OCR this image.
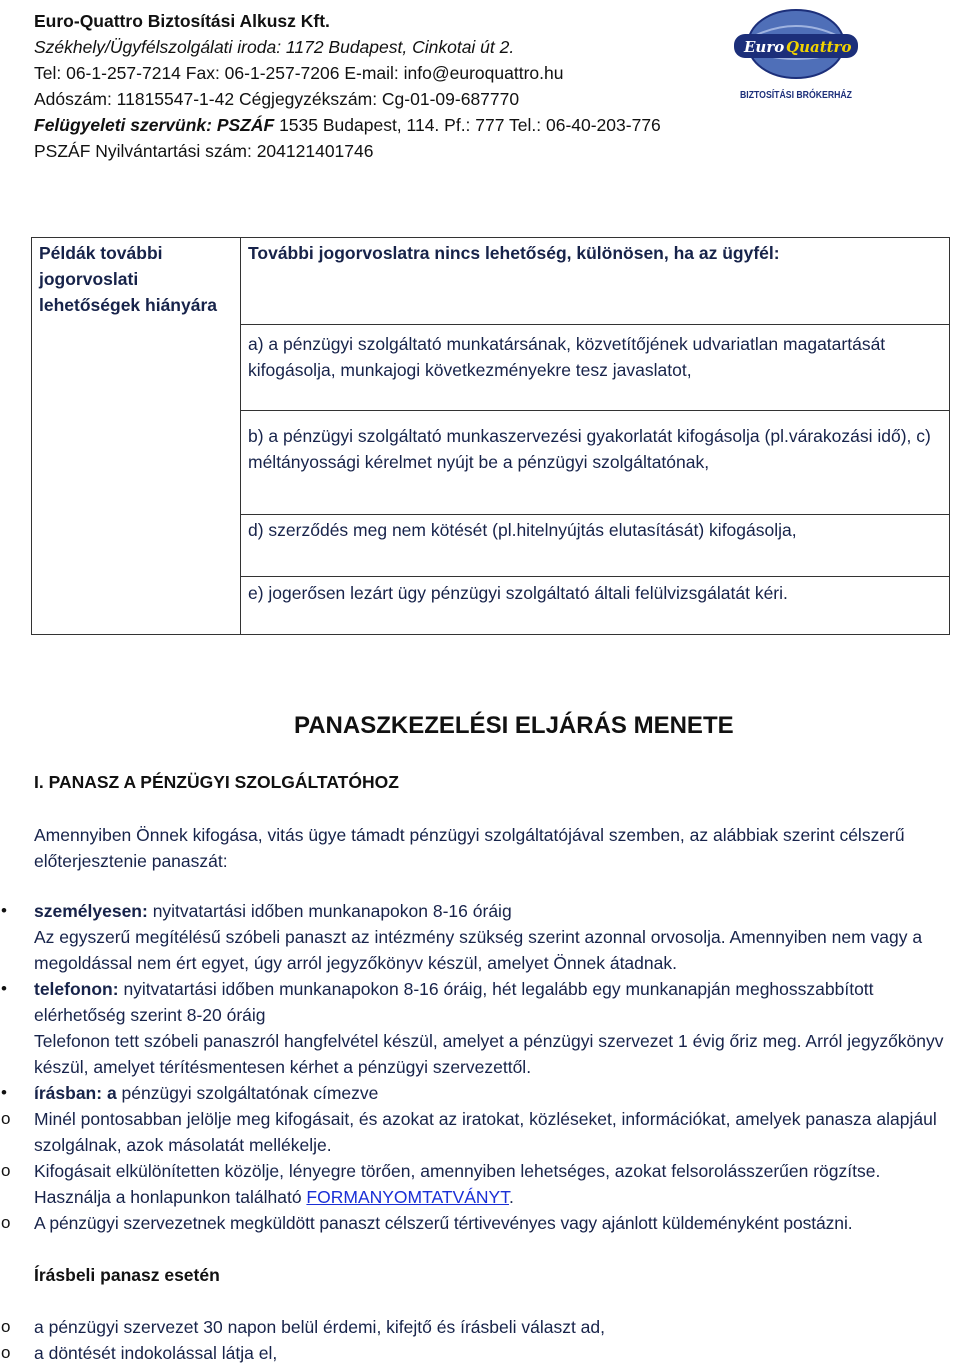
Euro-Quattro Biztosítási Alkusz Kft.
Székhely/Ügyfélszolgálati iroda: 1172 Budapest, Cinkotai út 2.
Tel: 06-1-257-7214 Fax: 06-1-257-7206 E-mail: info@euroquattro.hu
Adószám: 11815547-1-42 Cégjegyzékszám: Cg-01-09-687770
Felügyeleti szervünk: PSZÁF 1535 Budapest, 114. Pf.: 777 Tel.: 06-40-203-776
PSZÁF Nyilvántartási szám: 204121401746
Euro Quattro
BIZTOSÍTÁSI BRÓKERHÁZ
Példák további jogorvoslati lehetőségek hiányára
További jogorvoslatra nincs lehetőség, különösen, ha az ügyfél:
a) a pénzügyi szolgáltató munkatársának, közvetítőjének udvariatlan magatartását kifogásolja, munkajogi következményekre tesz javaslatot,
b) a pénzügyi szolgáltató munkaszervezési gyakorlatát kifogásolja (pl.várakozási idő), c) méltányossági kérelmet nyújt be a pénzügyi szolgáltatónak,
d) szerződés meg nem kötését (pl.hitelnyújtás elutasítását) kifogásolja,
e) jogerősen lezárt ügy pénzügyi szolgáltató általi felülvizsgálatát kéri.
PANASZKEZELÉSI ELJÁRÁS MENETE
I. PANASZ A PÉNZÜGYI SZOLGÁLTATÓHOZ
Amennyiben Önnek kifogása, vitás ügye támadt pénzügyi szolgáltatójával szemben, az alábbiak szerint célszerű előterjesztenie panaszát:
•	személyesen: nyitvatartási időben munkanapokon 8-16 óráig
Az egyszerű megítélésű szóbeli panaszt az intézmény szükség szerint azonnal orvosolja. Amennyiben nem vagy a megoldással nem ért egyet, úgy arról jegyzőkönyv készül, amelyet Önnek átadnak.
•	telefonon: nyitvatartási időben munkanapokon 8-16 óráig, hét legalább egy munkanapján meghosszabbított elérhetőség szerint 8-20 óráig
Telefonon tett szóbeli panaszról hangfelvétel készül, amelyet a pénzügyi szervezet 1 évig őriz meg. Arról jegyzőkönyv készül, amelyet térítésmentesen kérhet a pénzügyi szervezettől.
•	írásban: a pénzügyi szolgáltatónak címezve
o Minél pontosabban jelölje meg kifogásait, és azokat az iratokat, közléseket, információkat, amelyek panasza alapjául szolgálnak, azok másolatát mellékelje.
o Kifogásait elkülönítetten közölje, lényegre törően, amennyiben lehetséges, azokat felsorolásszerűen rögzítse. Használja a honlapunkon található FORMANYOMTATVÁNYT.
o A pénzügyi szervezetnek megküldött panaszt célszerű tértivevényes vagy ajánlott küldeményként postázni.
Írásbeli panasz esetén
o a pénzügyi szervezet 30 napon belül érdemi, kifejtő és írásbeli választ ad,
o a döntését indokolással látja el,
